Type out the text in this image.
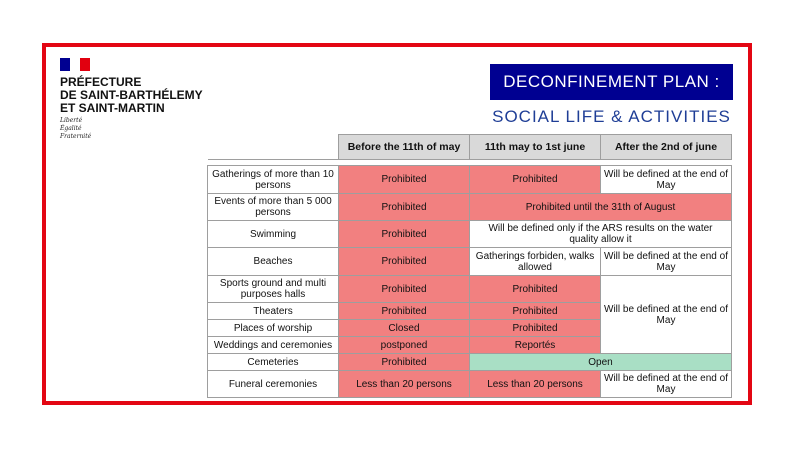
PRÉFECTURE
DE SAINT-BARTHÉLEMY
ET SAINT-MARTIN
Liberté
Égalité
Fraternité
DECONFINEMENT PLAN :
SOCIAL LIFE & ACTIVITIES
	Before the 11th of may	11th may to 1st june	After the 2nd of june

Gatherings of more than 10 persons	Prohibited	Prohibited	Will be defined at the end of May
Events of more than 5 000 persons	Prohibited	Prohibited until the 31th of August	
Swimming	Prohibited	Will be defined only if the ARS results on the water quality allow it	
Beaches	Prohibited	Gatherings forbiden, walks allowed	Will be defined at the end of May
Sports ground and multi purposes halls	Prohibited	Prohibited	Will be defined at the end of May
Theaters	Prohibited	Prohibited	
Places of worship	Closed	Prohibited	
Weddings and ceremonies	postponed	Reportés	
Cemeteries	Prohibited	Open	
Funeral ceremonies	Less than 20 persons	Less than 20 persons	Will be defined at the end of May
